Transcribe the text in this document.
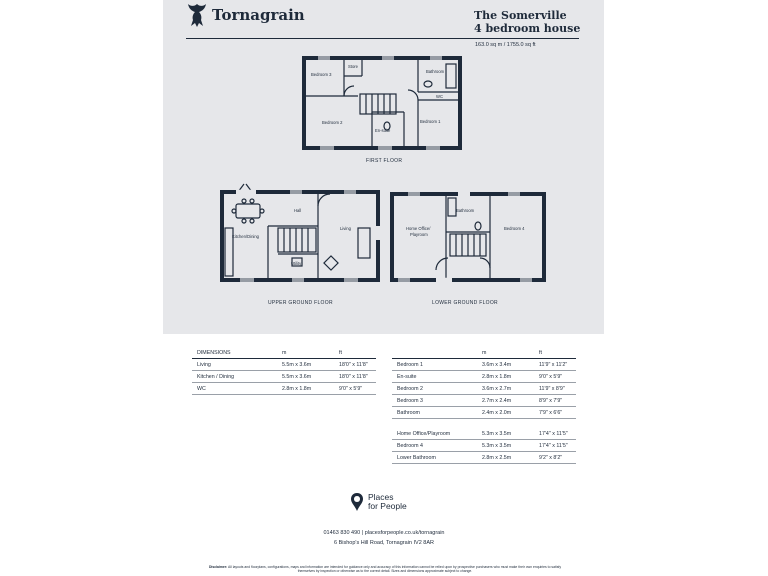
Tornagrain	The Somerville
4 bedroom house
163.0 sq m / 1755.0 sq ft
Bedroom 3
Store
Bathroom
WC
Bedroom 2
En-suite
Bedroom 1
FIRST FLOOR
Hall
Kitchen/Dining
Living
Utility
UPPER GROUND FLOOR
Home Office/
Playroom
Bathroom
Bedroom 4
LOWER GROUND FLOOR
DIMENSIONS	m	ft
Living	5.5m x 3.6m	18'0" x 11'8"
Kitchen / Dining	5.5m x 3.6m	18'0" x 11'8"
WC	2.8m x 1.8m	9'0" x 5'9"
	m	ft
Bedroom 1	3.6m x 3.4m	11'9" x 11'2"
En-suite	2.8m x 1.8m	9'0" x 5'9"
Bedroom 2	3.6m x 2.7m	11'9" x 8'9"
Bedroom 3	2.7m x 2.4m	8'9" x 7'9"
Bathroom	2.4m x 2.0m	7'9" x 6'6"

Home Office/Playroom	5.3m x 3.5m	17'4" x 11'5"
Bedroom 4	5.3m x 3.5m	17'4" x 11'5"
Lower Bathroom	2.8m x 2.5m	9'2" x 8'2"
Places
for People
01463 830 490 | placesforpeople.co.uk/tornagrain
6 Bishop's Hill Road, Tornagrain IV2 8AR
Disclaimer: All layouts and floorplans, configurations, maps and information are intended for guidance only and accuracy of this information cannot be relied upon by prospective purchasers who must make their own enquiries to satisfy themselves by inspection or otherwise as to the correct detail. Sizes and dimensions approximate subject to change.
